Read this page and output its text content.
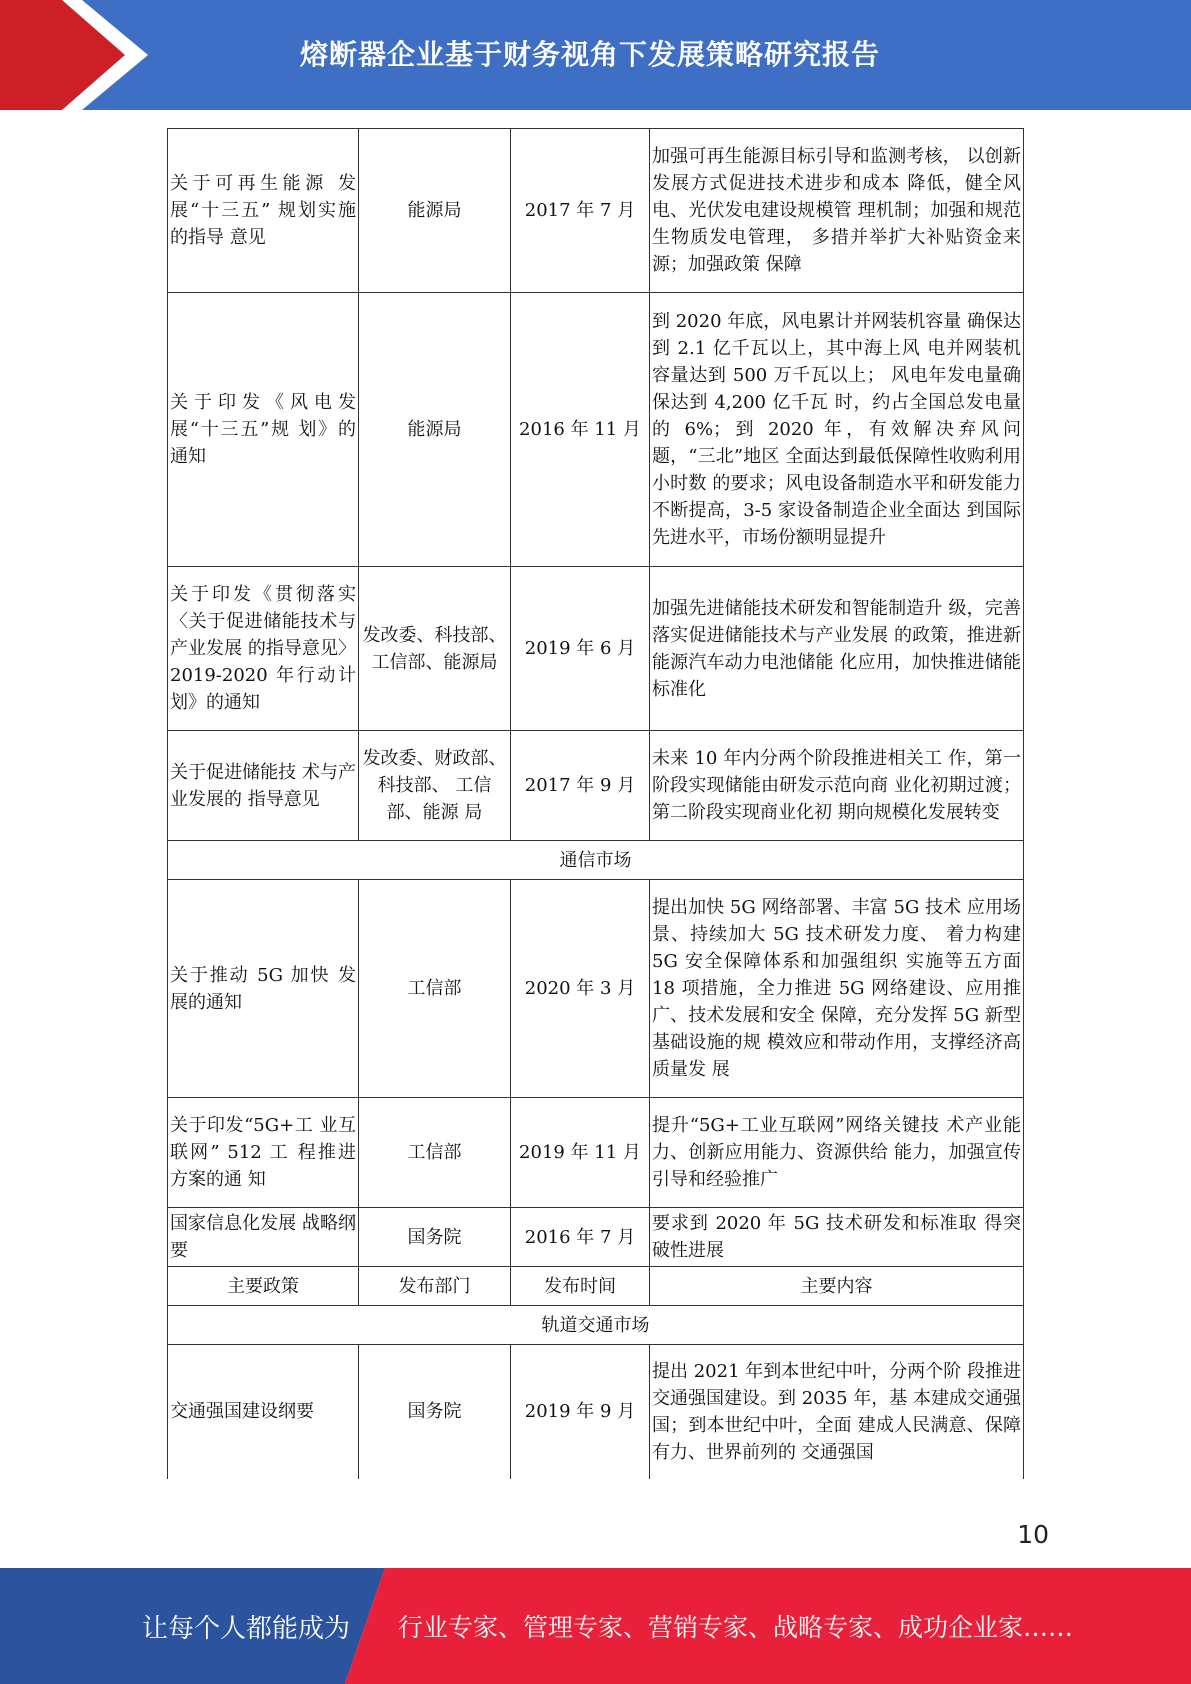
熔断器企业基于财务视角下发展策略研究报告
关于可再生能源 发展“十三五” 规划实施的指导 意见	能源局	2017 年 7 月	加强可再生能源目标引导和监测考核， 以创新发展方式促进技术进步和成本 降低，健全风电、光伏发电建设规模管 理机制；加强和规范生物质发电管理， 多措并举扩大补贴资金来源；加强政策 保障
关于印发《风电发展“十三五”规 划》的通知	能源局	2016 年 11 月	到 2020 年底，风电累计并网装机容量 确保达到 2.1 亿千瓦以上，其中海上风 电并网装机容量达到 500 万千瓦以上； 风电年发电量确保达到 4,200 亿千瓦 时，约占全国总发电量的 6%；到 2020 年，有效解决弃风问题，“三北”地区 全面达到最低保障性收购利用小时数 的要求；风电设备制造水平和研发能力 不断提高，3-5 家设备制造企业全面达 到国际先进水平，市场份额明显提升
关于印发《贯彻落实〈关于促进储能技术与产业发展 的指导意见〉2019-2020 年行动计划》的通知	发改委、科技部、工信部、能源局	2019 年 6 月	加强先进储能技术研发和智能制造升 级，完善落实促进储能技术与产业发展 的政策，推进新能源汽车动力电池储能 化应用，加快推进储能标准化
关于促进储能技 术与产业发展的 指导意见	发改委、财政部、科技部、 工信部、能源 局	2017 年 9 月	未来 10 年内分两个阶段推进相关工 作，第一阶段实现储能由研发示范向商 业化初期过渡；第二阶段实现商业化初 期向规模化发展转变
通信市场			
关于推动 5G 加快 发展的通知	工信部	2020 年 3 月	提出加快 5G 网络部署、丰富 5G 技术 应用场景、持续加大 5G 技术研发力度、 着力构建 5G 安全保障体系和加强组织 实施等五方面 18 项措施，全力推进 5G 网络建设、应用推广、技术发展和安全 保障，充分发挥 5G 新型基础设施的规 模效应和带动作用，支撑经济高质量发 展
关于印发“5G+工 业互联网” 512 工 程推进方案的通 知	工信部	2019 年 11 月	提升“5G+工业互联网”网络关键技 术产业能力、创新应用能力、资源供给 能力，加强宣传引导和经验推广
国家信息化发展 战略纲要	国务院	2016 年 7 月	要求到 2020 年 5G 技术研发和标准取 得突破性进展
主要政策	发布部门	发布时间	主要内容
轨道交通市场			
交通强国建设纲要	国务院	2019 年 9 月	提出 2021 年到本世纪中叶，分两个阶 段推进交通强国建设。到 2035 年，基 本建成交通强国；到本世纪中叶，全面 建成人民满意、保障有力、世界前列的 交通强国
10
让每个人都能成为 行业专家、管理专家、营销专家、战略专家、成功企业家……
